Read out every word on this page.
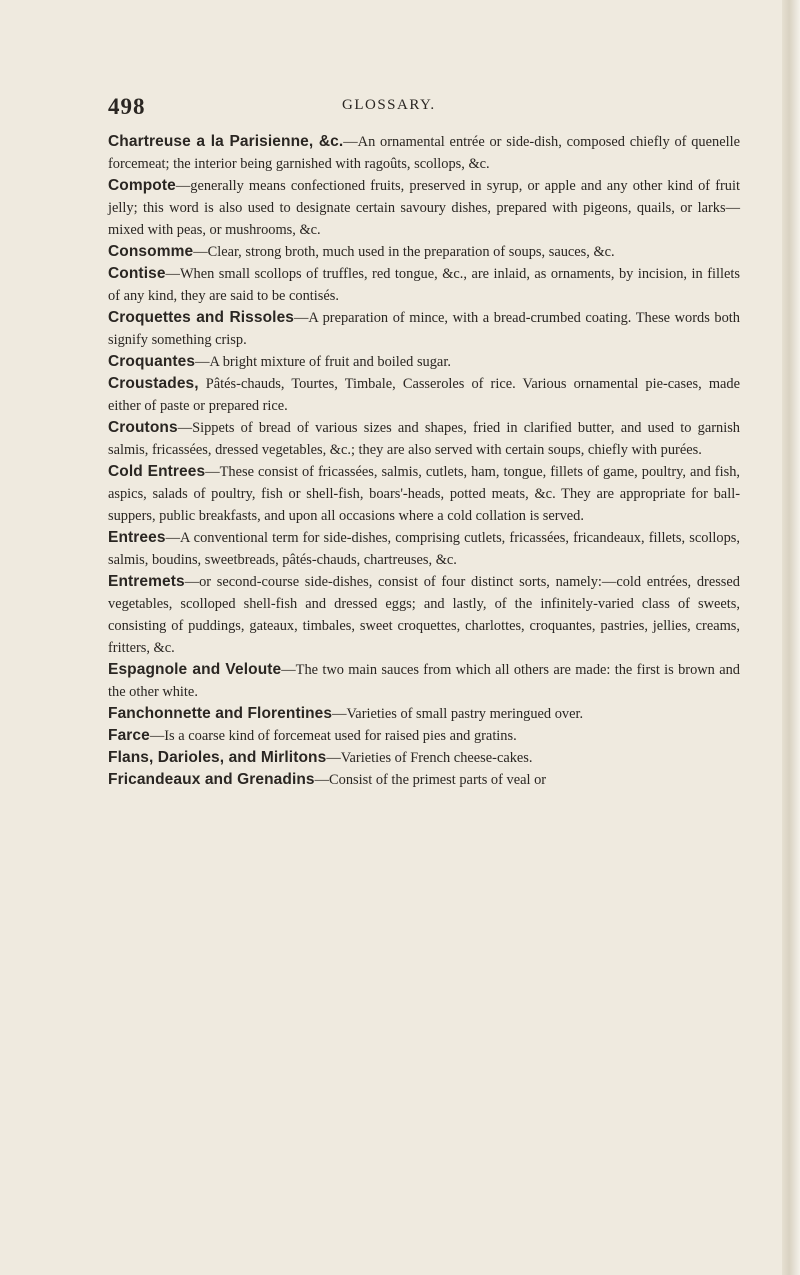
498	GLOSSARY.

Chartreuse a la Parisienne, &c.—An ornamental entrée or side-dish, composed chiefly of quenelle forcemeat; the interior being garnished with ragoûts, scollops, &c.

Compote—generally means confectioned fruits, preserved in syrup, or apple and any other kind of fruit jelly; this word is also used to designate certain savoury dishes, prepared with pigeons, quails, or larks—mixed with peas, or mushrooms, &c.

Consomme—Clear, strong broth, much used in the preparation of soups, sauces, &c.

Contise—When small scollops of truffles, red tongue, &c., are inlaid, as ornaments, by incision, in fillets of any kind, they are said to be contisés.

Croquettes and Rissoles—A preparation of mince, with a bread-crumbed coating. These words both signify something crisp.

Croquantes—A bright mixture of fruit and boiled sugar.

Croustades, Pâtés-chauds, Tourtes, Timbale, Casseroles of rice. Various ornamental pie-cases, made either of paste or prepared rice.

Croutons—Sippets of bread of various sizes and shapes, fried in clarified butter, and used to garnish salmis, fricassées, dressed vegetables, &c.; they are also served with certain soups, chiefly with purées.

Cold Entrees—These consist of fricassées, salmis, cutlets, ham, tongue, fillets of game, poultry, and fish, aspics, salads of poultry, fish or shell-fish, boars'-heads, potted meats, &c. They are appropriate for ball-suppers, public breakfasts, and upon all occasions where a cold collation is served.

Entrees—A conventional term for side-dishes, comprising cutlets, fricassées, fricandeaux, fillets, scollops, salmis, boudins, sweetbreads, pâtés-chauds, chartreuses, &c.

Entremets—or second-course side-dishes, consist of four distinct sorts, namely:—cold entrées, dressed vegetables, scolloped shell-fish and dressed eggs; and lastly, of the infinitely-varied class of sweets, consisting of puddings, gateaux, timbales, sweet croquettes, charlottes, croquantes, pastries, jellies, creams, fritters, &c.

Espagnole and Veloute—The two main sauces from which all others are made: the first is brown and the other white.

Fanchonnette and Florentines—Varieties of small pastry meringued over.

Farce—Is a coarse kind of forcemeat used for raised pies and gratins.

Flans, Darioles, and Mirlitons—Varieties of French cheese-cakes.

Fricandeaux and Grenadins—Consist of the primest parts of veal or
